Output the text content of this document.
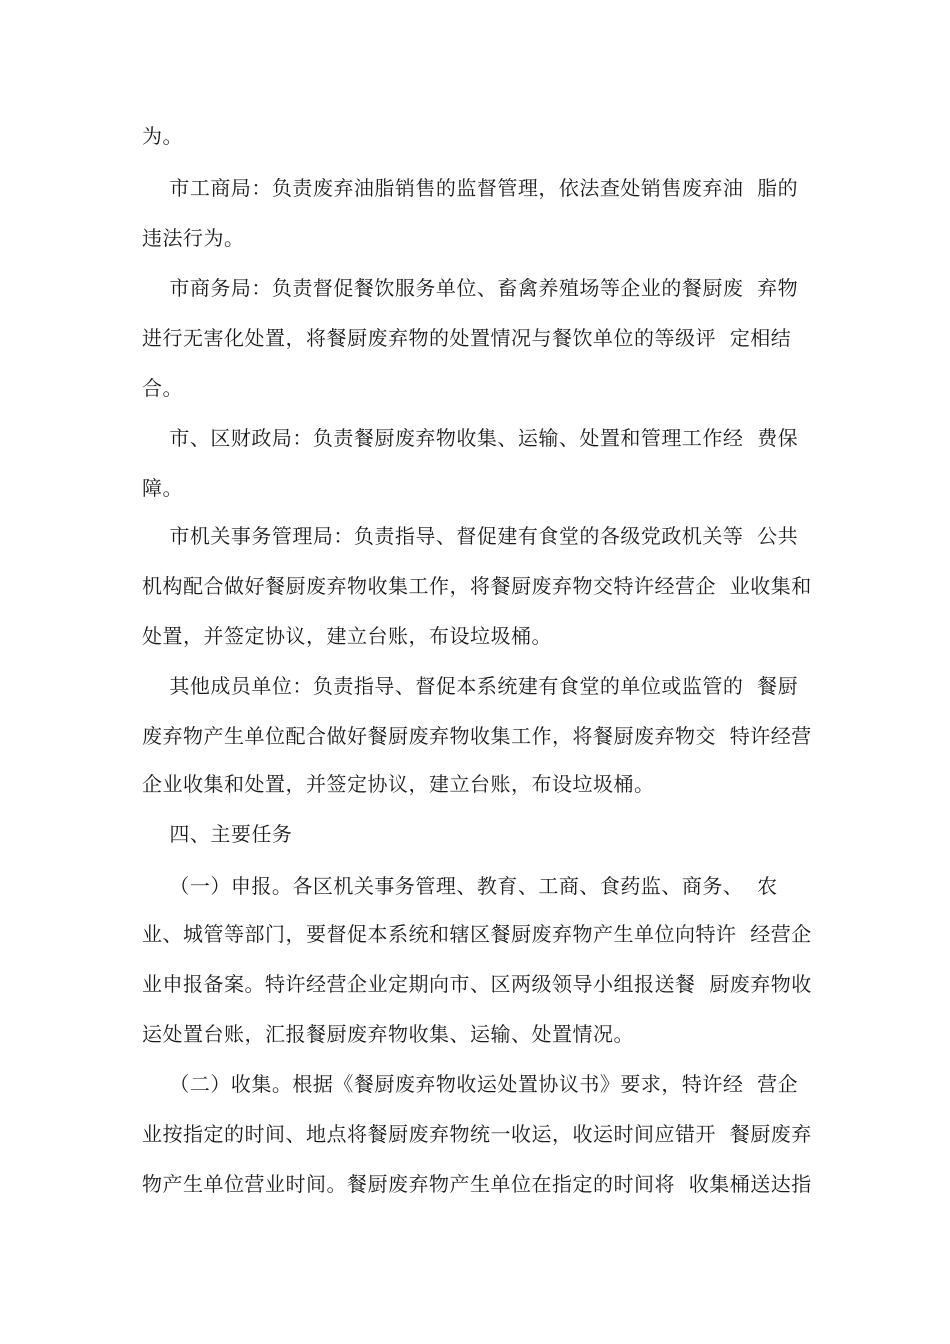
为。
市工商局：负责废弃油脂销售的监督管理，依法查处销售废弃油  脂的
违法行为。
市商务局：负责督促餐饮服务单位、畜禽养殖场等企业的餐厨废  弃物
进行无害化处置，将餐厨废弃物的处置情况与餐饮单位的等级评  定相结
合。
市、区财政局：负责餐厨废弃物收集、运输、处置和管理工作经  费保
障。
市机关事务管理局：负责指导、督促建有食堂的各级党政机关等  公共
机构配合做好餐厨废弃物收集工作，将餐厨废弃物交特许经营企  业收集和
处置，并签定协议，建立台账，布设垃圾桶。
其他成员单位：负责指导、督促本系统建有食堂的单位或监管的  餐厨
废弃物产生单位配合做好餐厨废弃物收集工作，将餐厨废弃物交  特许经营
企业收集和处置，并签定协议，建立台账，布设垃圾桶。
四、主要任务
（一）申报。各区机关事务管理、教育、工商、食药监、商务、  农
业、城管等部门，要督促本系统和辖区餐厨废弃物产生单位向特许  经营企
业申报备案。特许经营企业定期向市、区两级领导小组报送餐  厨废弃物收
运处置台账，汇报餐厨废弃物收集、运输、处置情况。
（二）收集。根据《餐厨废弃物收运处置协议书》要求，特许经  营企
业按指定的时间、地点将餐厨废弃物统一收运，收运时间应错开  餐厨废弃
物产生单位营业时间。餐厨废弃物产生单位在指定的时间将  收集桶送达指
